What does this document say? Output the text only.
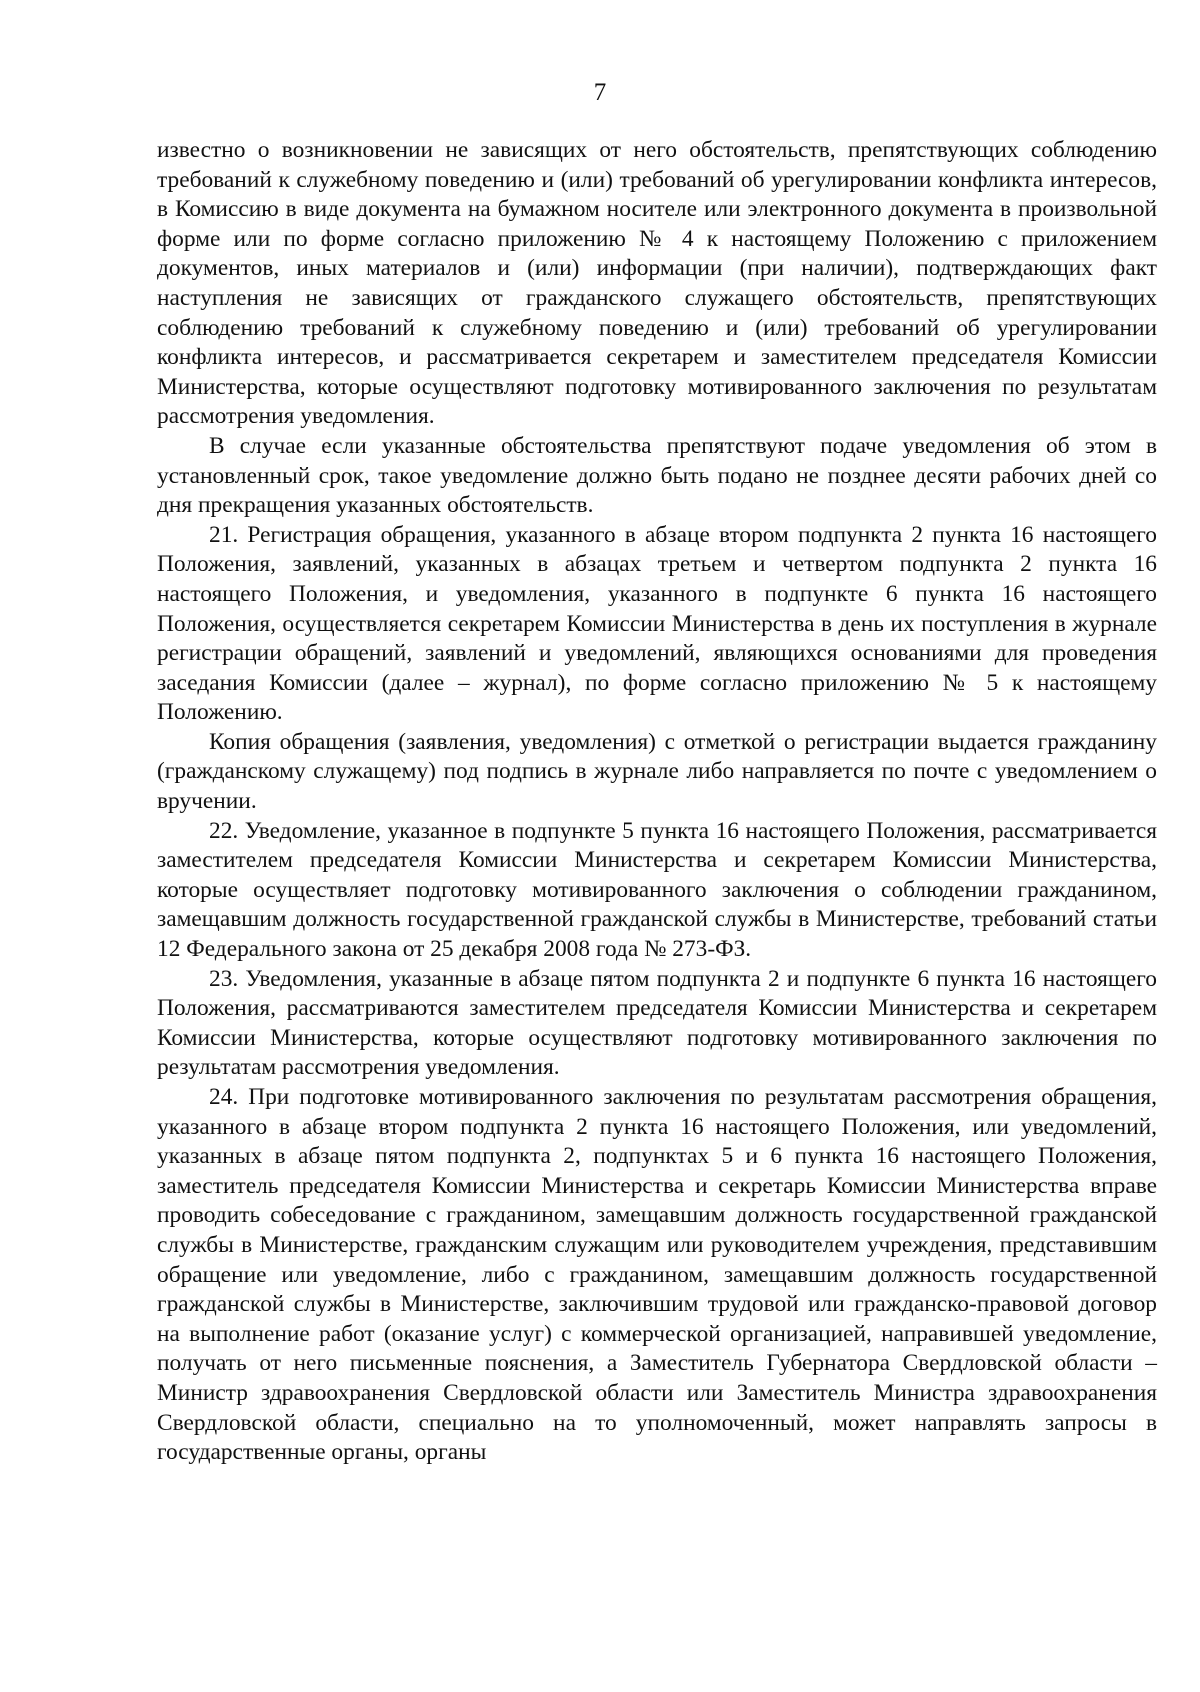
7

известно о возникновении не зависящих от него обстоятельств, препятствующих соблюдению требований к служебному поведению и (или) требований об урегулировании конфликта интересов, в Комиссию в виде документа на бумажном носителе или электронного документа в произвольной форме или по форме согласно приложению № 4 к настоящему Положению с приложением документов, иных материалов и (или) информации (при наличии), подтверждающих факт наступления не зависящих от гражданского служащего обстоятельств, препятствующих соблюдению требований к служебному поведению и (или) требований об урегулировании конфликта интересов, и рассматривается секретарем и заместителем председателя Комиссии Министерства, которые осуществляют подготовку мотивированного заключения по результатам рассмотрения уведомления.

В случае если указанные обстоятельства препятствуют подаче уведомления об этом в установленный срок, такое уведомление должно быть подано не позднее десяти рабочих дней со дня прекращения указанных обстоятельств.

21. Регистрация обращения, указанного в абзаце втором подпункта 2 пункта 16 настоящего Положения, заявлений, указанных в абзацах третьем и четвертом подпункта 2 пункта 16 настоящего Положения, и уведомления, указанного в подпункте 6 пункта 16 настоящего Положения, осуществляется секретарем Комиссии Министерства в день их поступления в журнале регистрации обращений, заявлений и уведомлений, являющихся основаниями для проведения заседания Комиссии (далее – журнал), по форме согласно приложению № 5 к настоящему Положению.

Копия обращения (заявления, уведомления) с отметкой о регистрации выдается гражданину (гражданскому служащему) под подпись в журнале либо направляется по почте с уведомлением о вручении.

22. Уведомление, указанное в подпункте 5 пункта 16 настоящего Положения, рассматривается заместителем председателя Комиссии Министерства и секретарем Комиссии Министерства, которые осуществляет подготовку мотивированного заключения о соблюдении гражданином, замещавшим должность государственной гражданской службы в Министерстве, требований статьи 12 Федерального закона от 25 декабря 2008 года № 273-ФЗ.

23. Уведомления, указанные в абзаце пятом подпункта 2 и подпункте 6 пункта 16 настоящего Положения, рассматриваются заместителем председателя Комиссии Министерства и секретарем Комиссии Министерства, которые осуществляют подготовку мотивированного заключения по результатам рассмотрения уведомления.

24. При подготовке мотивированного заключения по результатам рассмотрения обращения, указанного в абзаце втором подпункта 2 пункта 16 настоящего Положения, или уведомлений, указанных в абзаце пятом подпункта 2, подпунктах 5 и 6 пункта 16 настоящего Положения, заместитель председателя Комиссии Министерства и секретарь Комиссии Министерства вправе проводить собеседование с гражданином, замещавшим должность государственной гражданской службы в Министерстве, гражданским служащим или руководителем учреждения, представившим обращение или уведомление, либо с гражданином, замещавшим должность государственной гражданской службы в Министерстве, заключившим трудовой или гражданско-правовой договор на выполнение работ (оказание услуг) с коммерческой организацией, направившей уведомление, получать от него письменные пояснения, а Заместитель Губернатора Свердловской области – Министр здравоохранения Свердловской области или Заместитель Министра здравоохранения Свердловской области, специально на то уполномоченный, может направлять запросы в государственные органы, органы
